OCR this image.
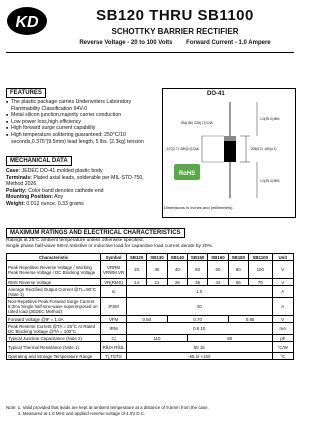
KD	SB120 THRU SB1100
SCHOTTKY BARRIER RECTIFIER
Reverse Voltage - 20 to 100 Volts Forward Current - 1.0 Ampere
FEATURES
■ The plastic package carries Underwriters Laboratory Flammability Classification 94V-0
■ Metal silicon junction,majority carrier conduction
■ Low power loss,high efficiency
■ High forward surge current capability
■ High temperature soldering guaranteed: 250°C/10 seconds,0.375"(9.5mm) lead length, 5 lbs. (2.3kg) tension
MECHANICAL DATA
Case: JEDEC DO-41 molded plastic body
Terminals: Plated axial leads, solderable per MIL-STD-750, Method 2026
Polarity: Color band denotes cathode end
Mounting Position: Any
Weight: 0.012 ounce, 0.33 grams
DO-41
1.0(25.4) MIN
.034(.86) .028(.71) DIA.
.205(5.2) .160(4.1)
.107(2.7) .080(2.0) DIA.
1.0(25.4) MIN
RoHS
Dimensions in inches and (millimeters)
MAXIMUM RATINGS AND ELECTRICAL CHARACTERISTICS
Ratings at 25°C ambient temperature unless otherwise specified.
Single phase half-wave 60Hz,resistive or inductive load,for capacitive load current derate by 20%.
Characteristic	Symbol	SB120	SB130	SB140	SB150	SB160	SB180	SB1100	Unit
Peak Repetitive Reverse Voltage / Working Peak Reverse Voltage / DC Blocking Voltage	VRRM VRWM VR	20	30	40	50	60	80	100	V
RMS Reverse Voltage	VR(RMS)	14	21	28	35	42	56	70	V
Average Rectified Output Current @TL=90°C (Note 1)	Io	1.0							A
Non-Repetitive Peak Forward Surge Current 8.3ms Single half sine-wave superimposed on rated load (JEDEC Method)	IFSM	40							A
Forward Voltage @IF = 1.0A	VFM	0.50		0.70			0.85		V
Peak Reverse Current @TA = 25°C At Rated DC Blocking Voltage @TA = 100°C	IRM	0.5 10							mA
Typical Junction Capacitance (Note 2)	Cj	110			80				pF
Typical Thermal Resistance (Note 1)	RθJA RθJL	50 15							°C/W
Operating and Storage Temperature Range	Tj,TSTG	-65 to +150							°C
Note: 1. Valid provided that leads are kept at ambient temperature at a distance of 9.5mm from the case.
2. Measured at 1.0 MHz and applied reverse voltage of 4.0V D.C.
